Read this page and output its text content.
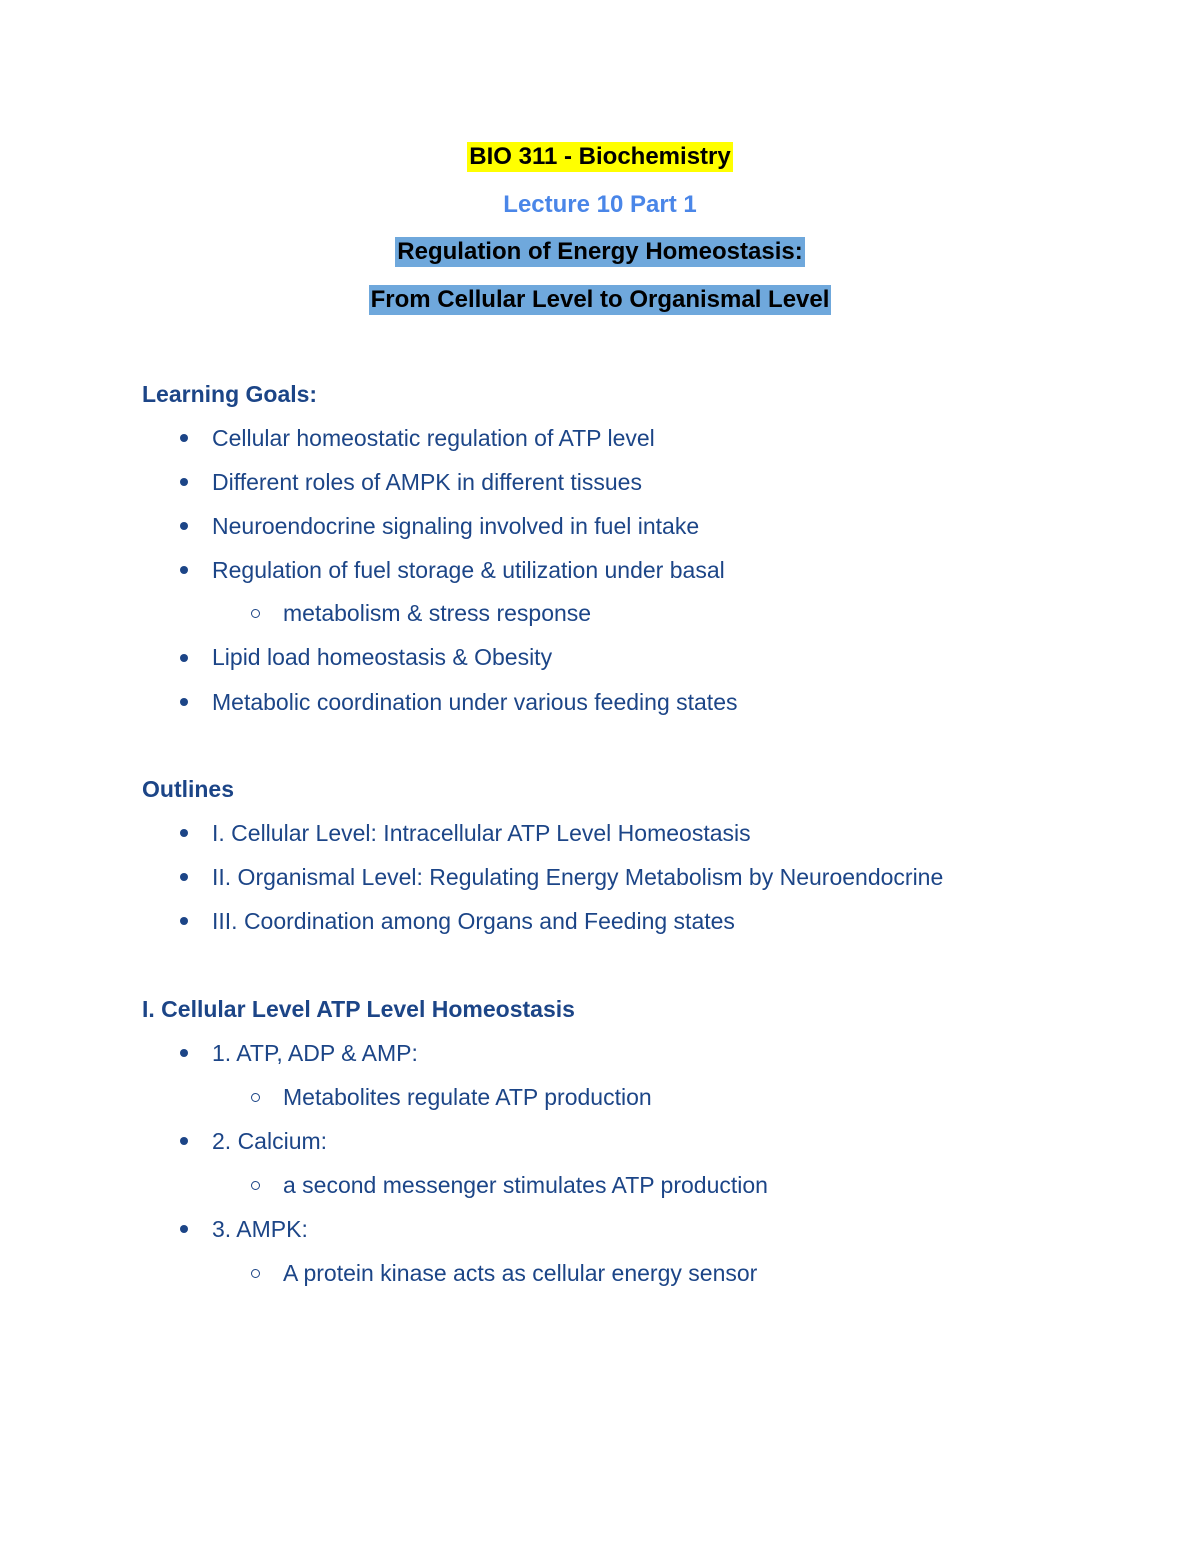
BIO 311 - Biochemistry
Lecture 10 Part 1
Regulation of Energy Homeostasis:
From Cellular Level to Organismal Level
Learning Goals:
Cellular homeostatic regulation of ATP level
Different roles of AMPK in different tissues
Neuroendocrine signaling involved in fuel intake
Regulation of fuel storage & utilization under basal
metabolism & stress response
Lipid load homeostasis & Obesity
Metabolic coordination under various feeding states
Outlines
I. Cellular Level: Intracellular ATP Level Homeostasis
II. Organismal Level: Regulating Energy Metabolism by Neuroendocrine
III. Coordination among Organs and Feeding states
I. Cellular Level ATP Level Homeostasis
1. ATP, ADP & AMP:
Metabolites regulate ATP production
2. Calcium:
a second messenger stimulates ATP production
3. AMPK:
A protein kinase acts as cellular energy sensor
